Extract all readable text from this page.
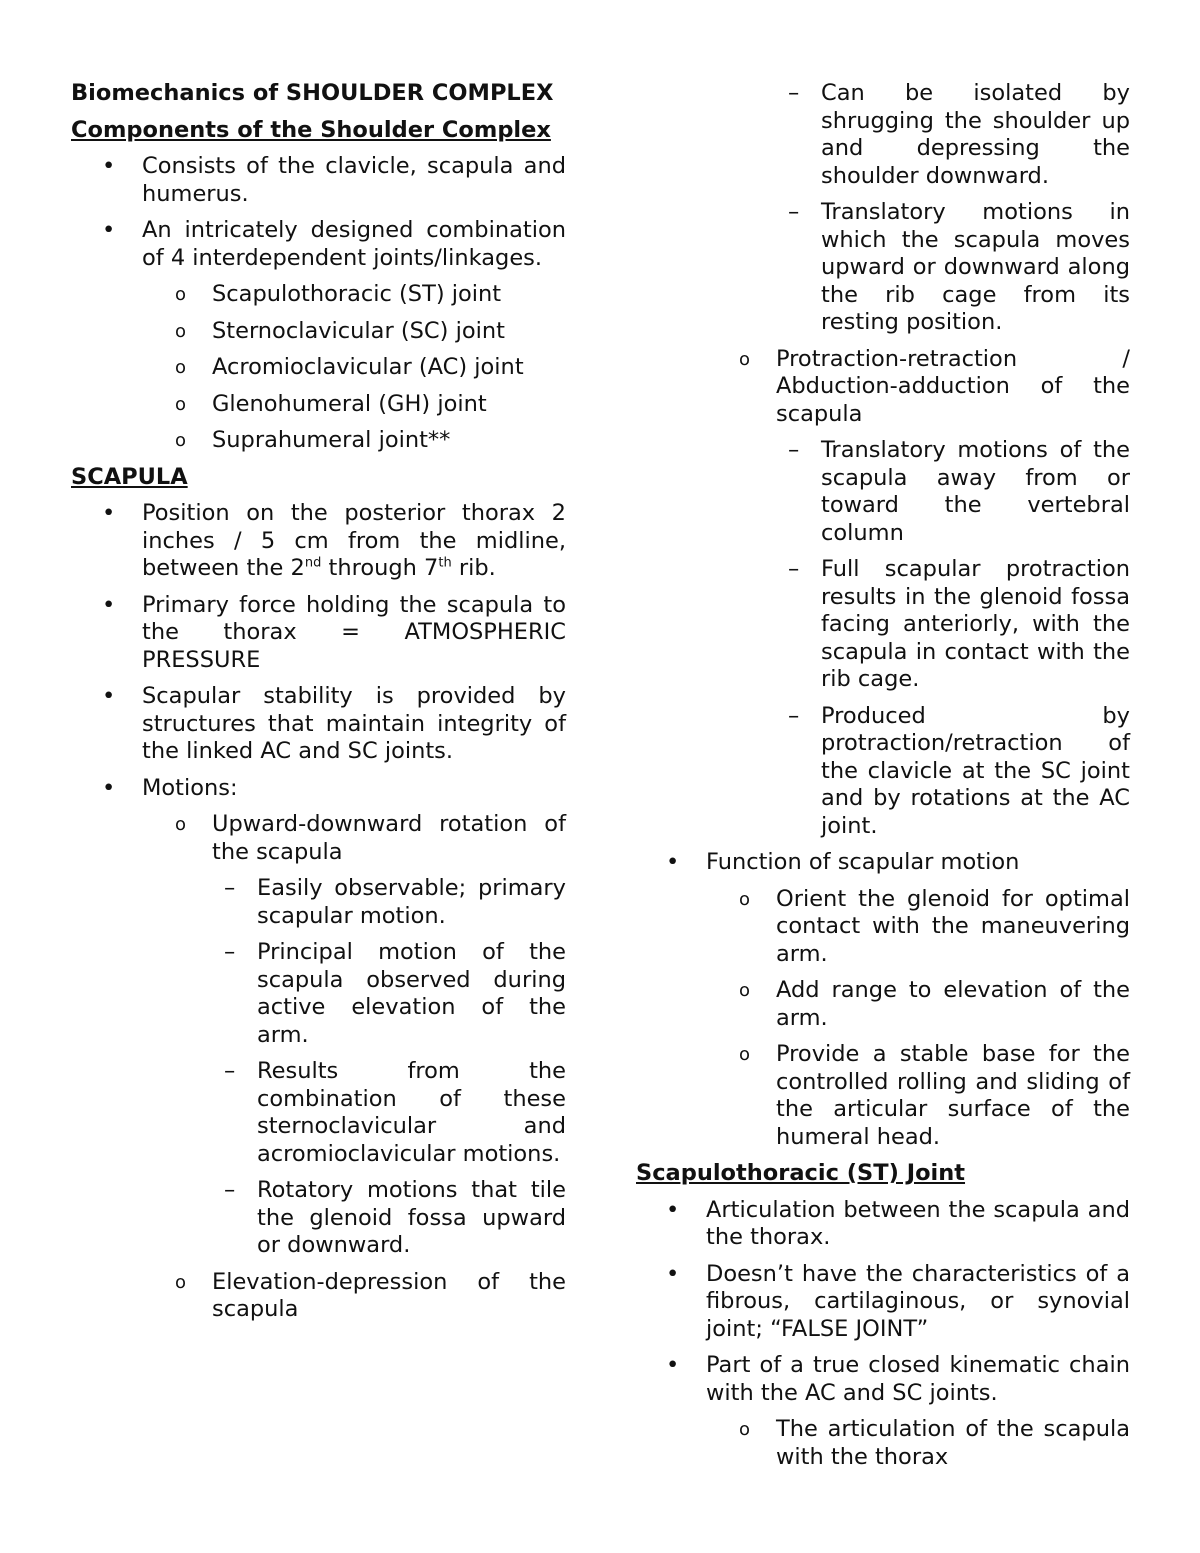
Biomechanics of SHOULDER COMPLEX
Components of the Shoulder Complex
• Consists of the clavicle, scapula and humerus.

• An intricately designed combination of 4 interdependent joints/linkages.

o Scapulothoracic (ST) joint

o Sternoclavicular (SC) joint

o Acromioclavicular (AC) joint

o Glenohumeral (GH) joint

o Suprahumeral joint**

SCAPULA
• Position on the posterior thorax 2 inches / 5 cm from the midline, between the 2nd through 7th rib.

• Primary force holding the scapula to the thorax = ATMOSPHERIC PRESSURE

• Scapular stability is provided by structures that maintain integrity of the linked AC and SC joints.

• Motions:

o Upward-downward rotation of the scapula

– Easily observable; primary scapular motion.

– Principal motion of the scapula observed during active elevation of the arm.

– Results from the combination of these sternoclavicular and acromioclavicular motions.

– Rotatory motions that tile the glenoid fossa upward or downward.

o Elevation-depression of the scapula

– Can be isolated by shrugging the shoulder up and depressing the shoulder downward.

– Translatory motions in which the scapula moves upward or downward along the rib cage from its resting position.

o Protraction-retraction / Abduction-adduction of the scapula

– Translatory motions of the scapula away from or toward the vertebral column

– Full scapular protraction results in the glenoid fossa facing anteriorly, with the scapula in contact with the rib cage.

– Produced by protraction/retraction of the clavicle at the SC joint and by rotations at the AC joint.

• Function of scapular motion

o Orient the glenoid for optimal contact with the maneuvering arm.

o Add range to elevation of the arm.

o Provide a stable base for the controlled rolling and sliding of the articular surface of the humeral head.

Scapulothoracic (ST) Joint
• Articulation between the scapula and the thorax.

• Doesn’t have the characteristics of a fibrous, cartilaginous, or synovial joint; “FALSE JOINT”

• Part of a true closed kinematic chain with the AC and SC joints.

o The articulation of the scapula with the thorax
